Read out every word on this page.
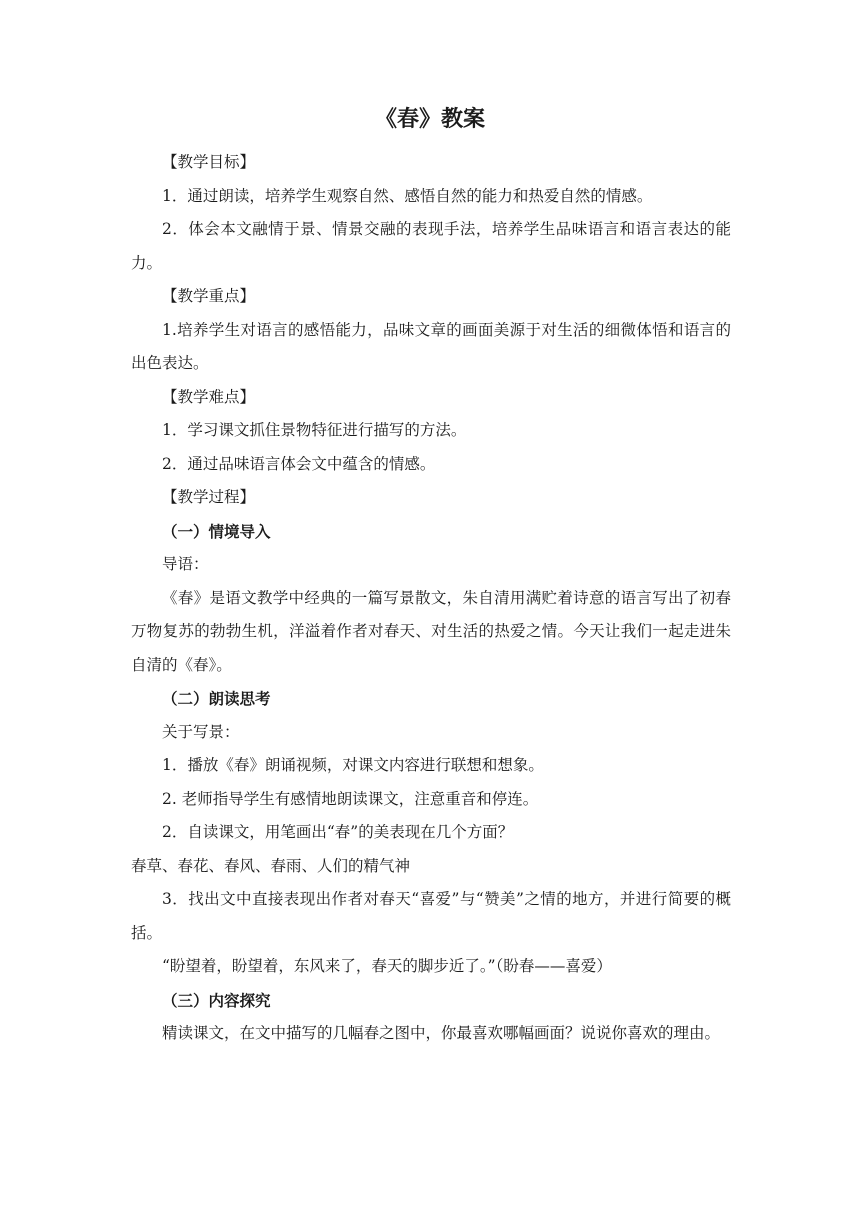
《春》教案

【教学目标】

1．通过朗读，培养学生观察自然、感悟自然的能力和热爱自然的情感。

2．体会本文融情于景、情景交融的表现手法，培养学生品味语言和语言表达的能力。

【教学重点】

1.培养学生对语言的感悟能力，品味文章的画面美源于对生活的细微体悟和语言的出色表达。

【教学难点】

1．学习课文抓住景物特征进行描写的方法。

2．通过品味语言体会文中蕴含的情感。

【教学过程】

（一）情境导入

导语：

《春》是语文教学中经典的一篇写景散文，朱自清用满贮着诗意的语言写出了初春万物复苏的勃勃生机，洋溢着作者对春天、对生活的热爱之情。今天让我们一起走进朱自清的《春》。

（二）朗读思考

关于写景：

1．播放《春》朗诵视频，对课文内容进行联想和想象。

2. 老师指导学生有感情地朗读课文，注意重音和停连。

2．自读课文，用笔画出“春”的美表现在几个方面？

春草、春花、春风、春雨、人们的精气神

3．找出文中直接表现出作者对春天“喜爱”与“赞美”之情的地方，并进行简要的概括。

“盼望着，盼望着，东风来了，春天的脚步近了。”（盼春——喜爱）

（三）内容探究

精读课文，在文中描写的几幅春之图中，你最喜欢哪幅画面？说说你喜欢的理由。
